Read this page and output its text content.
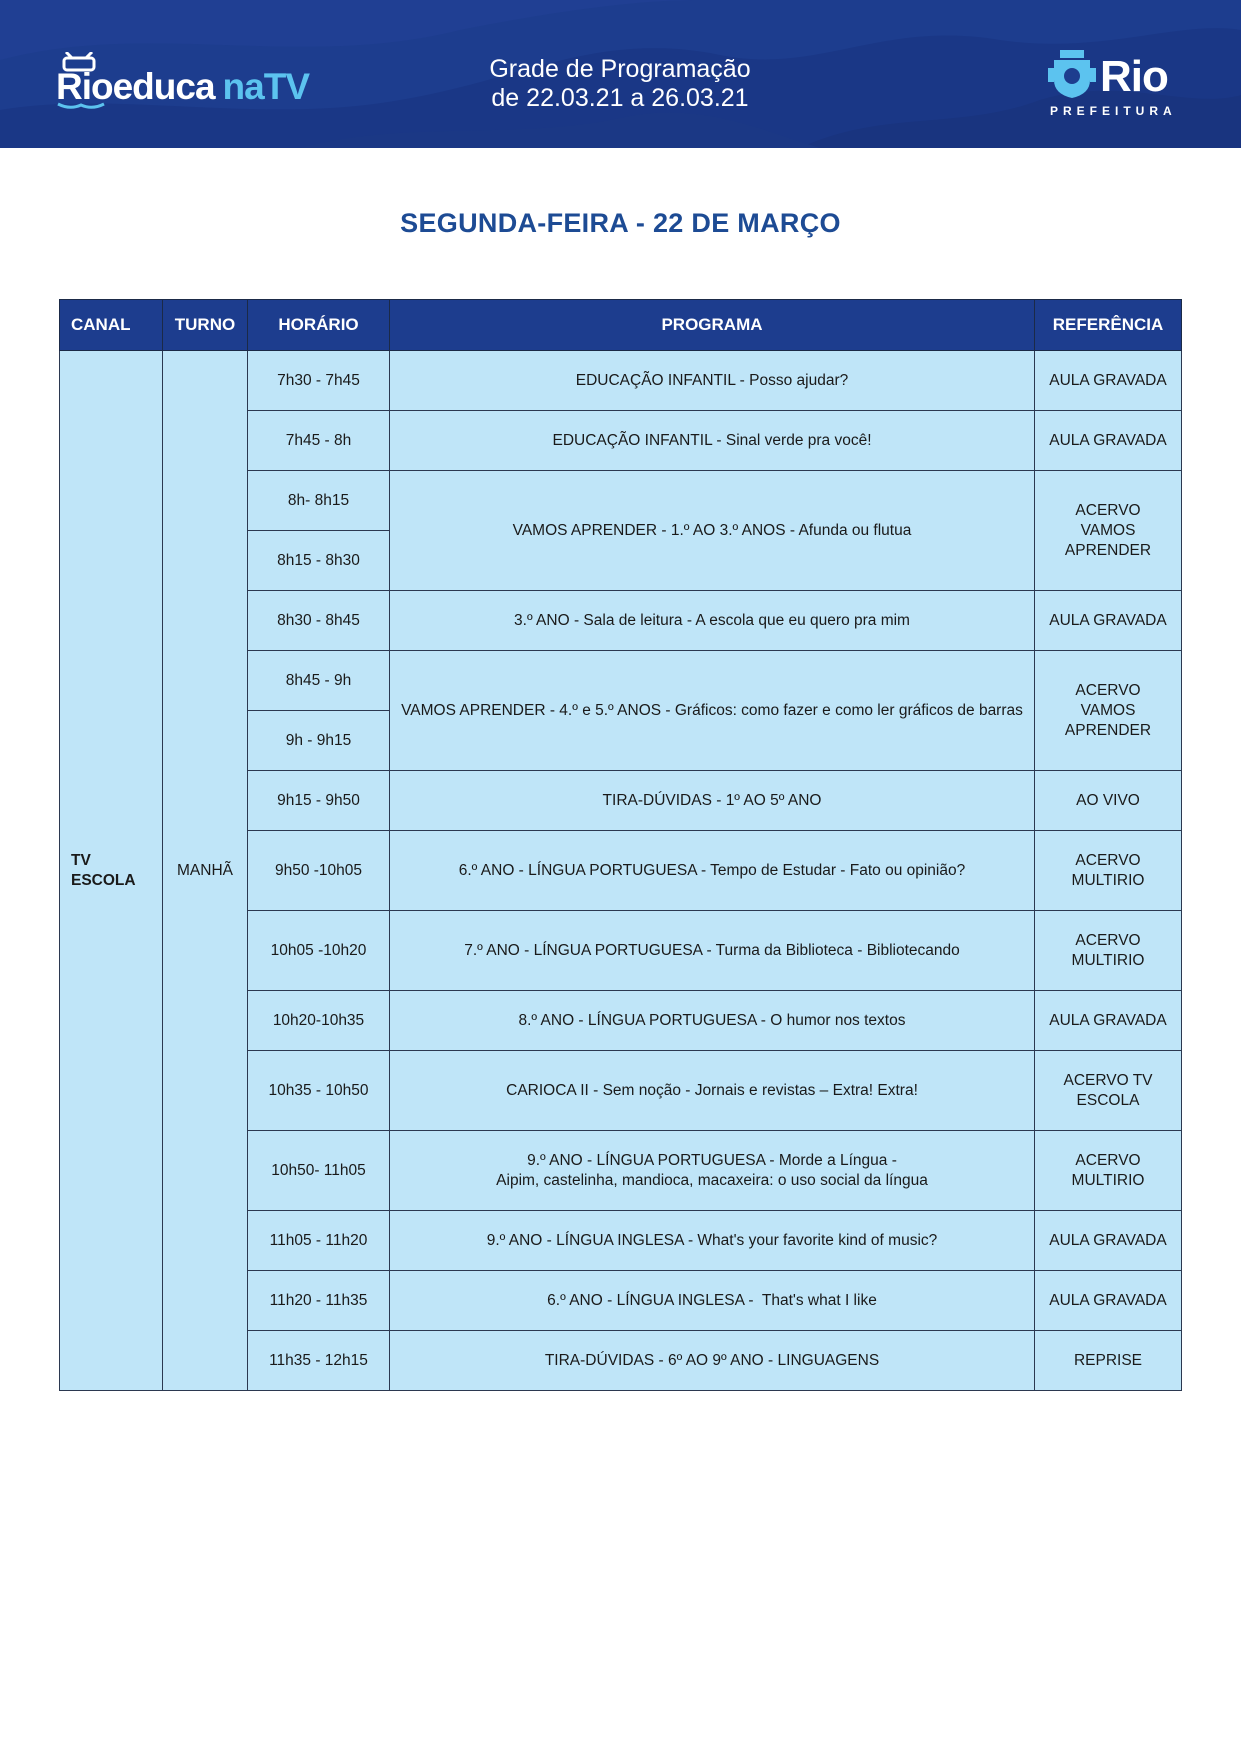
Rioeduca naTV	Grade de Programação
de 22.03.21 a 26.03.21	Rio
PREFEITURA
SEGUNDA-FEIRA - 22 DE MARÇO
CANAL	TURNO	HORÁRIO	PROGRAMA	REFERÊNCIA

TV ESCOLA	MANHÃ	7h30 - 7h45	EDUCAÇÃO INFANTIL - Posso ajudar?	AULA GRAVADA
		7h45 - 8h	EDUCAÇÃO INFANTIL - Sinal verde pra você!	AULA GRAVADA
		8h- 8h15	VAMOS APRENDER - 1.º AO 3.º ANOS - Afunda ou flutua	ACERVO VAMOS APRENDER

		8h15 - 8h30		
		8h30 - 8h45	3.º ANO - Sala de leitura - A escola que eu quero pra mim	AULA GRAVADA
		8h45 - 9h	VAMOS APRENDER - 4.º e 5.º ANOS - Gráficos: como fazer e como ler gráficos de barras	ACERVO VAMOS APRENDER

		9h - 9h15		
		9h15 - 9h50	TIRA-DÚVIDAS - 1º AO 5º ANO	AO VIVO
		9h50 -10h05	6.º ANO - LÍNGUA PORTUGUESA - Tempo de Estudar - Fato ou opinião?	ACERVO MULTIRIO

		10h05 -10h20	7.º ANO - LÍNGUA PORTUGUESA - Turma da Biblioteca - Bibliotecando	ACERVO MULTIRIO

		10h20-10h35	8.º ANO - LÍNGUA PORTUGUESA - O humor nos textos	AULA GRAVADA
		10h35 - 10h50	CARIOCA II - Sem noção - Jornais e revistas – Extra! Extra!	ACERVO TV ESCOLA

		10h50- 11h05	9.º ANO - LÍNGUA PORTUGUESA - Morde a Língua -
Aipim, castelinha, mandioca, macaxeira: o uso social da língua	ACERVO MULTIRIO

		11h05 - 11h20	9.º ANO - LÍNGUA INGLESA - What's your favorite kind of music?	AULA GRAVADA
		11h20 - 11h35	6.º ANO - LÍNGUA INGLESA -  That's what I like	AULA GRAVADA
		11h35 - 12h15	TIRA-DÚVIDAS - 6º AO 9º ANO - LINGUAGENS	REPRISE
